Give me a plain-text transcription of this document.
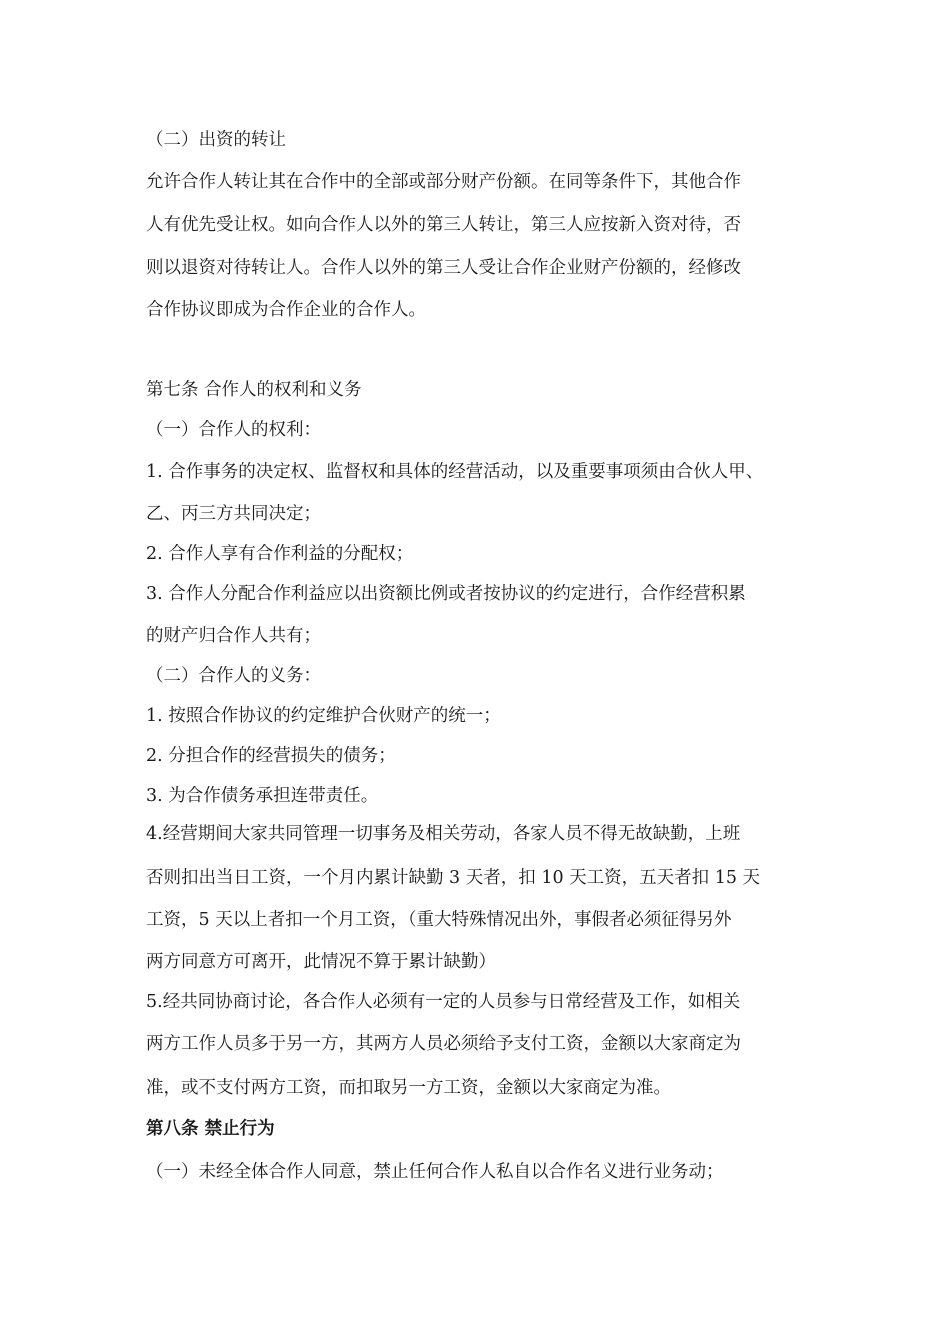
（二）出资的转让
允许合作人转让其在合作中的全部或部分财产份额。在同等条件下，其他合作
人有优先受让权。如向合作人以外的第三人转让，第三人应按新入资对待，否
则以退资对待转让人。合作人以外的第三人受让合作企业财产份额的，经修改
合作协议即成为合作企业的合作人。
第七条 合作人的权利和义务
（一）合作人的权利：
1. 合作事务的决定权、监督权和具体的经营活动，以及重要事项须由合伙人甲、
乙、丙三方共同决定；
2. 合作人享有合作利益的分配权；
3. 合作人分配合作利益应以出资额比例或者按协议的约定进行，合作经营积累
的财产归合作人共有；
（二）合作人的义务：
1. 按照合作协议的约定维护合伙财产的统一；
2. 分担合作的经营损失的债务；
3. 为合作债务承担连带责任。
4.经营期间大家共同管理一切事务及相关劳动，各家人员不得无故缺勤，上班
否则扣出当日工资，一个月内累计缺勤 3 天者，扣 10 天工资，五天者扣 15 天
工资，5 天以上者扣一个月工资，（重大特殊情况出外，事假者必须征得另外
两方同意方可离开，此情况不算于累计缺勤）
5.经共同协商讨论，各合作人必须有一定的人员参与日常经营及工作，如相关
两方工作人员多于另一方，其两方人员必须给予支付工资，金额以大家商定为
准，或不支付两方工资，而扣取另一方工资，金额以大家商定为准。
第八条 禁止行为
（一）未经全体合作人同意，禁止任何合作人私自以合作名义进行业务动；
